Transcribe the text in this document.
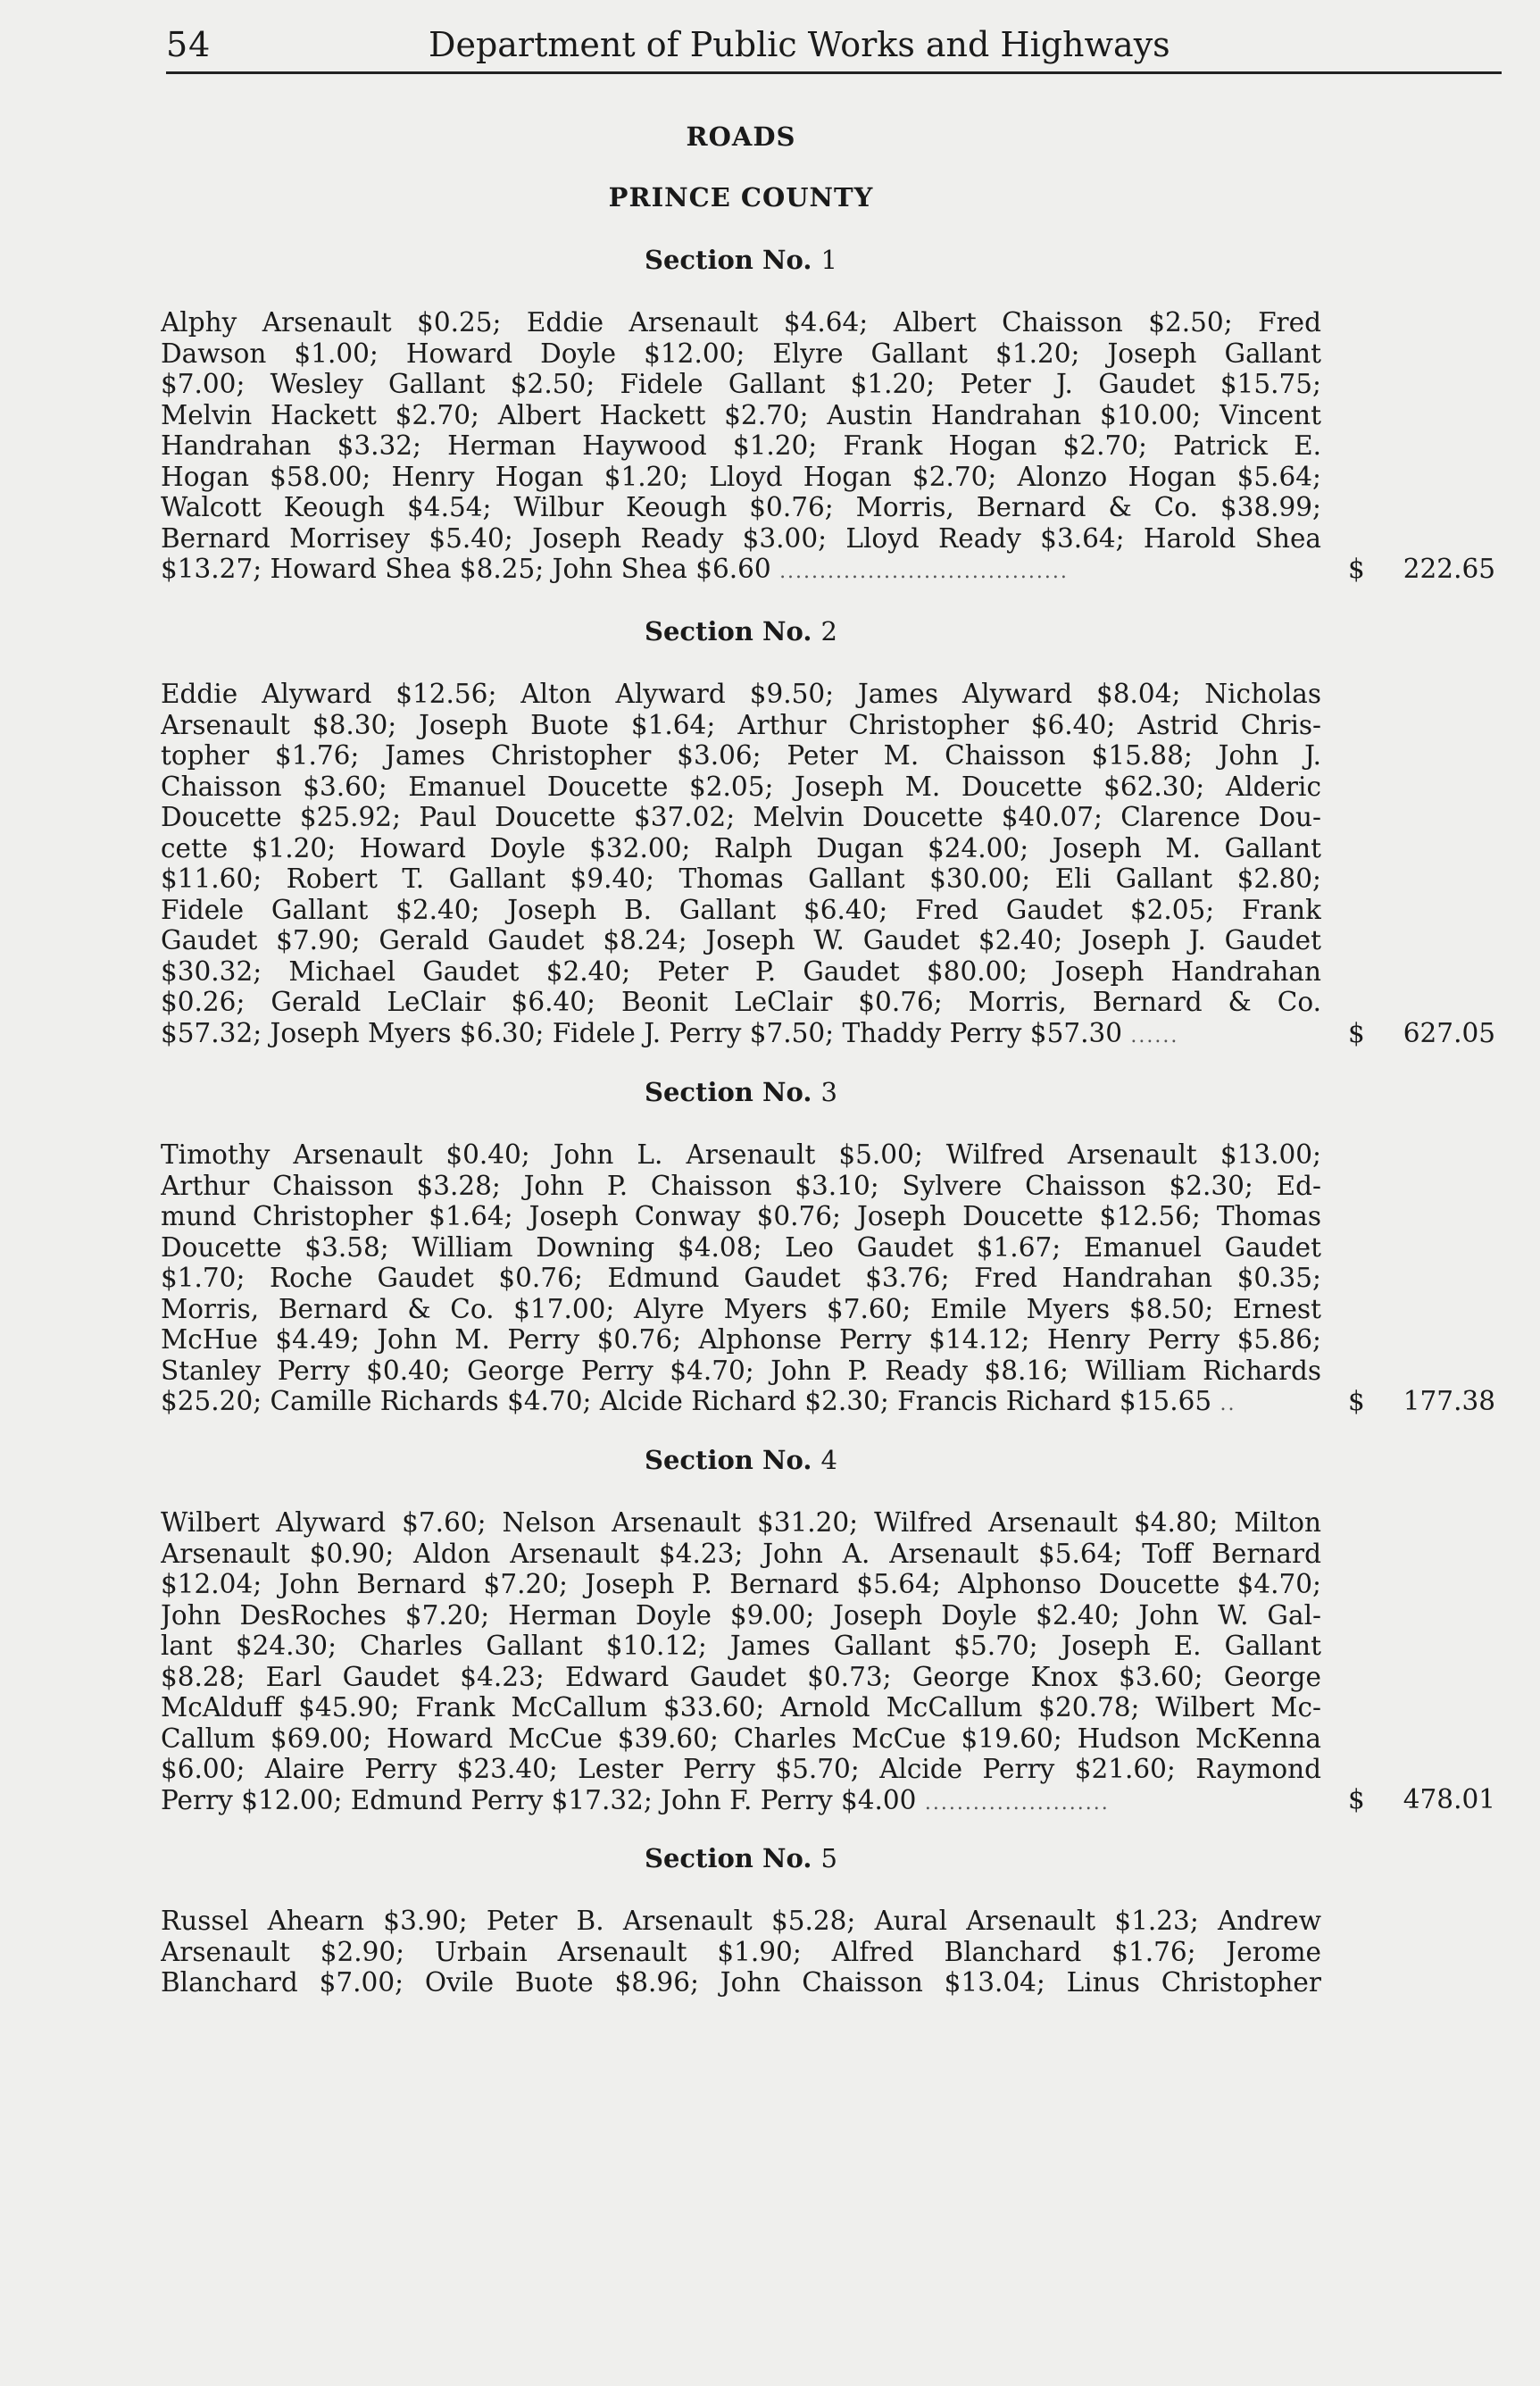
54	Department of Public Works and Highways
ROADS
PRINCE COUNTY
Section No. 1
Alphy Arsenault $0.25; Eddie Arsenault $4.64; Albert Chaisson $2.50; Fred
Dawson $1.00; Howard Doyle $12.00; Elyre Gallant $1.20; Joseph Gallant
$7.00; Wesley Gallant $2.50; Fidele Gallant $1.20; Peter J. Gaudet $15.75;
Melvin Hackett $2.70; Albert Hackett $2.70; Austin Handrahan $10.00; Vincent
Handrahan $3.32; Herman Haywood $1.20; Frank Hogan $2.70; Patrick E.
Hogan $58.00; Henry Hogan $1.20; Lloyd Hogan $2.70; Alonzo Hogan $5.64;
Walcott Keough $4.54; Wilbur Keough $0.76; Morris, Bernard & Co. $38.99;
Bernard Morrisey $5.40; Joseph Ready $3.00; Lloyd Ready $3.64; Harold Shea
$13.27; Howard Shea $8.25; John Shea $6.60 ....................................	$	222.65
Section No. 2
Eddie Alyward $12.56; Alton Alyward $9.50; James Alyward $8.04; Nicholas
Arsenault $8.30; Joseph Buote $1.64; Arthur Christopher $6.40; Astrid Chris-
topher $1.76; James Christopher $3.06; Peter M. Chaisson $15.88; John J.
Chaisson $3.60; Emanuel Doucette $2.05; Joseph M. Doucette $62.30; Alderic
Doucette $25.92; Paul Doucette $37.02; Melvin Doucette $40.07; Clarence Dou-
cette $1.20; Howard Doyle $32.00; Ralph Dugan $24.00; Joseph M. Gallant
$11.60; Robert T. Gallant $9.40; Thomas Gallant $30.00; Eli Gallant $2.80;
Fidele Gallant $2.40; Joseph B. Gallant $6.40; Fred Gaudet $2.05; Frank
Gaudet $7.90; Gerald Gaudet $8.24; Joseph W. Gaudet $2.40; Joseph J. Gaudet
$30.32; Michael Gaudet $2.40; Peter P. Gaudet $80.00; Joseph Handrahan
$0.26; Gerald LeClair $6.40; Beonit LeClair $0.76; Morris, Bernard & Co.
$57.32; Joseph Myers $6.30; Fidele J. Perry $7.50; Thaddy Perry $57.30 ......	$	627.05
Section No. 3
Timothy Arsenault $0.40; John L. Arsenault $5.00; Wilfred Arsenault $13.00;
Arthur Chaisson $3.28; John P. Chaisson $3.10; Sylvere Chaisson $2.30; Ed-
mund Christopher $1.64; Joseph Conway $0.76; Joseph Doucette $12.56; Thomas
Doucette $3.58; William Downing $4.08; Leo Gaudet $1.67; Emanuel Gaudet
$1.70; Roche Gaudet $0.76; Edmund Gaudet $3.76; Fred Handrahan $0.35;
Morris, Bernard & Co. $17.00; Alyre Myers $7.60; Emile Myers $8.50; Ernest
McHue $4.49; John M. Perry $0.76; Alphonse Perry $14.12; Henry Perry $5.86;
Stanley Perry $0.40; George Perry $4.70; John P. Ready $8.16; William Richards
$25.20; Camille Richards $4.70; Alcide Richard $2.30; Francis Richard $15.65 ..	$	177.38
Section No. 4
Wilbert Alyward $7.60; Nelson Arsenault $31.20; Wilfred Arsenault $4.80; Milton
Arsenault $0.90; Aldon Arsenault $4.23; John A. Arsenault $5.64; Toff Bernard
$12.04; John Bernard $7.20; Joseph P. Bernard $5.64; Alphonso Doucette $4.70;
John DesRoches $7.20; Herman Doyle $9.00; Joseph Doyle $2.40; John W. Gal-
lant $24.30; Charles Gallant $10.12; James Gallant $5.70; Joseph E. Gallant
$8.28; Earl Gaudet $4.23; Edward Gaudet $0.73; George Knox $3.60; George
McAlduff $45.90; Frank McCallum $33.60; Arnold McCallum $20.78; Wilbert Mc-
Callum $69.00; Howard McCue $39.60; Charles McCue $19.60; Hudson McKenna
$6.00; Alaire Perry $23.40; Lester Perry $5.70; Alcide Perry $21.60; Raymond
Perry $12.00; Edmund Perry $17.32; John F. Perry $4.00 .......................	$	478.01
Section No. 5
Russel Ahearn $3.90; Peter B. Arsenault $5.28; Aural Arsenault $1.23; Andrew
Arsenault $2.90; Urbain Arsenault $1.90; Alfred Blanchard $1.76; Jerome
Blanchard $7.00; Ovile Buote $8.96; John Chaisson $13.04; Linus Christopher
